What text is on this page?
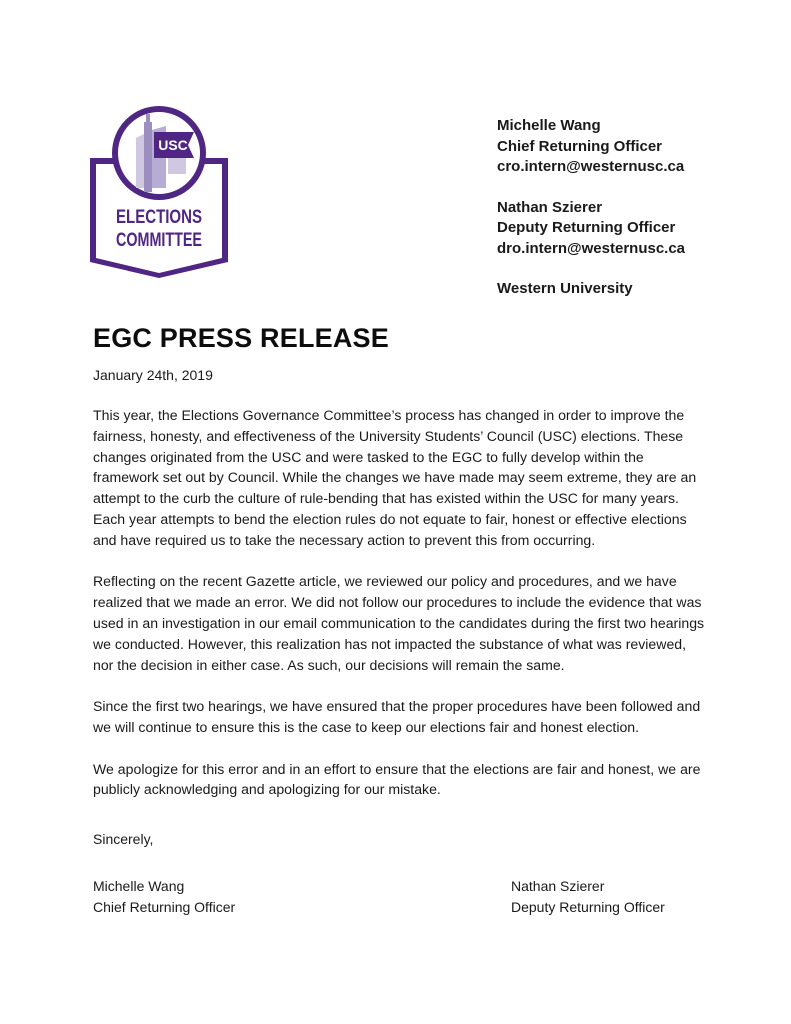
USC
ELECTIONS
COMMITTEE
Michelle Wang
Chief Returning Officer
cro.intern@westernusc.ca
Nathan Szierer
Deputy Returning Officer
dro.intern@westernusc.ca
Western University
EGC PRESS RELEASE
January 24th, 2019

This year, the Elections Governance Committee’s process has changed in order to improve the fairness, honesty, and effectiveness of the University Students’ Council (USC) elections. These changes originated from the USC and were tasked to the EGC to fully develop within the framework set out by Council. While the changes we have made may seem extreme, they are an attempt to the curb the culture of rule-bending that has existed within the USC for many years. Each year attempts to bend the election rules do not equate to fair, honest or effective elections and have required us to take the necessary action to prevent this from occurring.

Reflecting on the recent Gazette article, we reviewed our policy and procedures, and we have realized that we made an error. We did not follow our procedures to include the evidence that was used in an investigation in our email communication to the candidates during the first two hearings we conducted. However, this realization has not impacted the substance of what was reviewed, nor the decision in either case. As such, our decisions will remain the same.

Since the first two hearings, we have ensured that the proper procedures have been followed and we will continue to ensure this is the case to keep our elections fair and honest election.

We apologize for this error and in an effort to ensure that the elections are fair and honest, we are publicly acknowledging and apologizing for our mistake.

Sincerely,
Michelle Wang
Chief Returning Officer
Nathan Szierer
Deputy Returning Officer
